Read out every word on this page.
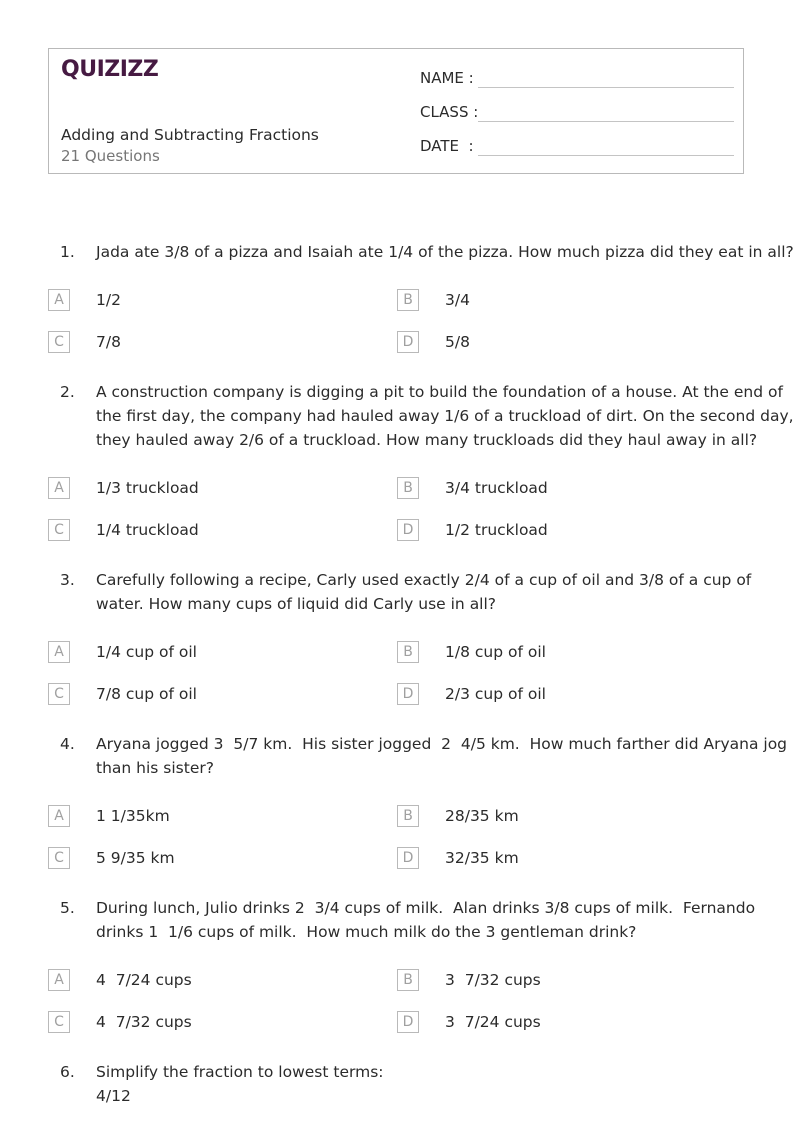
QUIZIZZ
Adding and Subtracting Fractions
21 Questions
NAME :
CLASS :
DATE  :
1. Jada ate 3/8 of a pizza and Isaiah ate 1/4 of the pizza. How much pizza did they eat in all?
A	1/2	B	3/4
C	7/8	D	5/8
2. A construction company is digging a pit to build the foundation of a house. At the end of
the first day, the company had hauled away 1/6 of a truckload of dirt. On the second day,
they hauled away 2/6 of a truckload. How many truckloads did they haul away in all?
A	1/3 truckload	B	3/4 truckload
C	1/4 truckload	D	1/2 truckload
3. Carefully following a recipe, Carly used exactly 2/4 of a cup of oil and 3/8 of a cup of
water. How many cups of liquid did Carly use in all?
A	1/4 cup of oil	B	1/8 cup of oil
C	7/8 cup of oil	D	2/3 cup of oil
4. Aryana jogged 3  5/7 km.  His sister jogged  2  4/5 km.  How much farther did Aryana jog
than his sister?
A	1 1/35km	B	28/35 km
C	5 9/35 km	D	32/35 km
5. During lunch, Julio drinks 2  3/4 cups of milk.  Alan drinks 3/8 cups of milk.  Fernando
drinks 1  1/6 cups of milk.  How much milk do the 3 gentleman drink?
A	4  7/24 cups	B	3  7/32 cups
C	4  7/32 cups	D	3  7/24 cups
6. Simplify the fraction to lowest terms:
4/12
